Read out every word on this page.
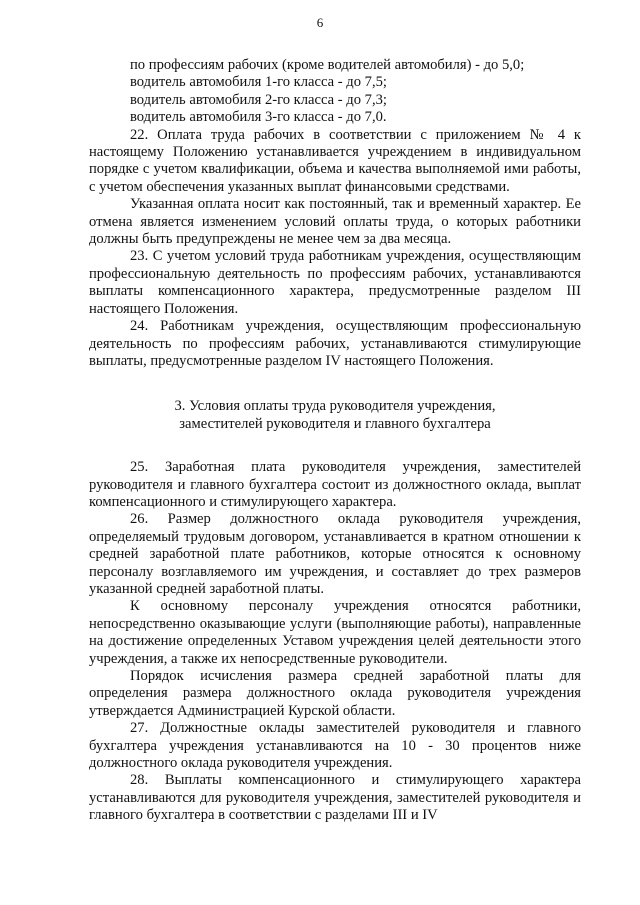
6

по профессиям рабочих (кроме водителей автомобиля) - до 5,0;

водитель автомобиля 1-го класса - до 7,5;

водитель автомобиля 2-го класса - до 7,3;

водитель автомобиля 3-го класса - до 7,0.

22. Оплата труда рабочих в соответствии с приложением № 4 к настоящему Положению устанавливается учреждением в индивидуальном порядке с учетом квалификации, объема и качества выполняемой ими работы, с учетом обеспечения указанных выплат финансовыми средствами.

Указанная оплата носит как постоянный, так и временный характер. Ее отмена является изменением условий оплаты труда, о которых работники должны быть предупреждены не менее чем за два месяца.

23. С учетом условий труда работникам учреждения, осуществляющим профессиональную деятельность по профессиям рабочих, устанавливаются выплаты компенсационного характера, предусмотренные разделом III настоящего Положения.

24. Работникам учреждения, осуществляющим профессиональную деятельность по профессиям рабочих, устанавливаются стимулирующие выплаты, предусмотренные разделом IV настоящего Положения.

3. Условия оплаты труда руководителя учреждения,
заместителей руководителя и главного бухгалтера

25. Заработная плата руководителя учреждения, заместителей руководителя и главного бухгалтера состоит из должностного оклада, выплат компенсационного и стимулирующего характера.

26. Размер должностного оклада руководителя учреждения, определяемый трудовым договором, устанавливается в кратном отношении к средней заработной плате работников, которые относятся к основному персоналу возглавляемого им учреждения, и составляет до трех размеров указанной средней заработной платы.

К основному персоналу учреждения относятся работники, непосредственно оказывающие услуги (выполняющие работы), направленные на достижение определенных Уставом учреждения целей деятельности этого учреждения, а также их непосредственные руководители.

Порядок исчисления размера средней заработной платы для определения размера должностного оклада руководителя учреждения утверждается Администрацией Курской области.

27. Должностные оклады заместителей руководителя и главного бухгалтера учреждения устанавливаются на 10 - 30 процентов ниже должностного оклада руководителя учреждения.

28. Выплаты компенсационного и стимулирующего характера устанавливаются для руководителя учреждения, заместителей руководителя и главного бухгалтера в соответствии с разделами III и IV
